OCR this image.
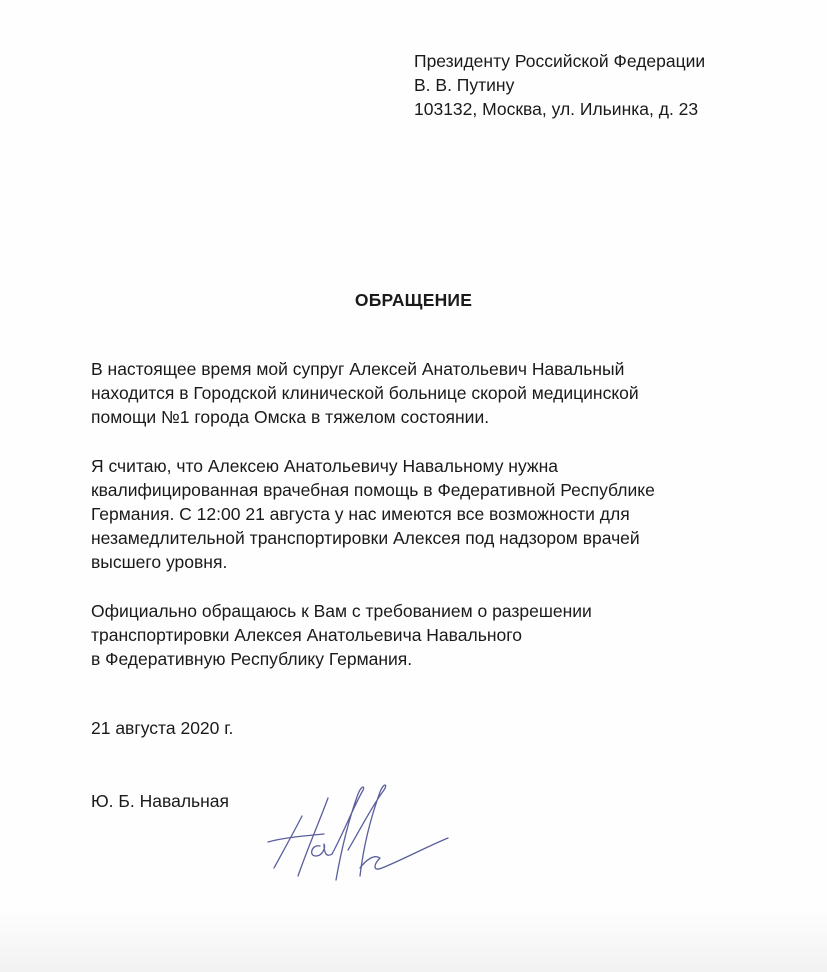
Президенту Российской Федерации
В. В. Путину
103132, Москва, ул. Ильинка, д. 23
ОБРАЩЕНИЕ
В настоящее время мой супруг Алексей Анатольевич Навальный
находится в Городской клинической больнице скорой медицинской
помощи №1 города Омска в тяжелом состоянии.
Я считаю, что Алексею Анатольевичу Навальному нужна
квалифицированная врачебная помощь в Федеративной Республике
Германия. С 12:00 21 августа у нас имеются все возможности для
незамедлительной транспортировки Алексея под надзором врачей
высшего уровня.
Официально обращаюсь к Вам с требованием о разрешении
транспортировки Алексея Анатольевича Навального
в Федеративную Республику Германия.
21 августа 2020 г.
Ю. Б. Навальная
